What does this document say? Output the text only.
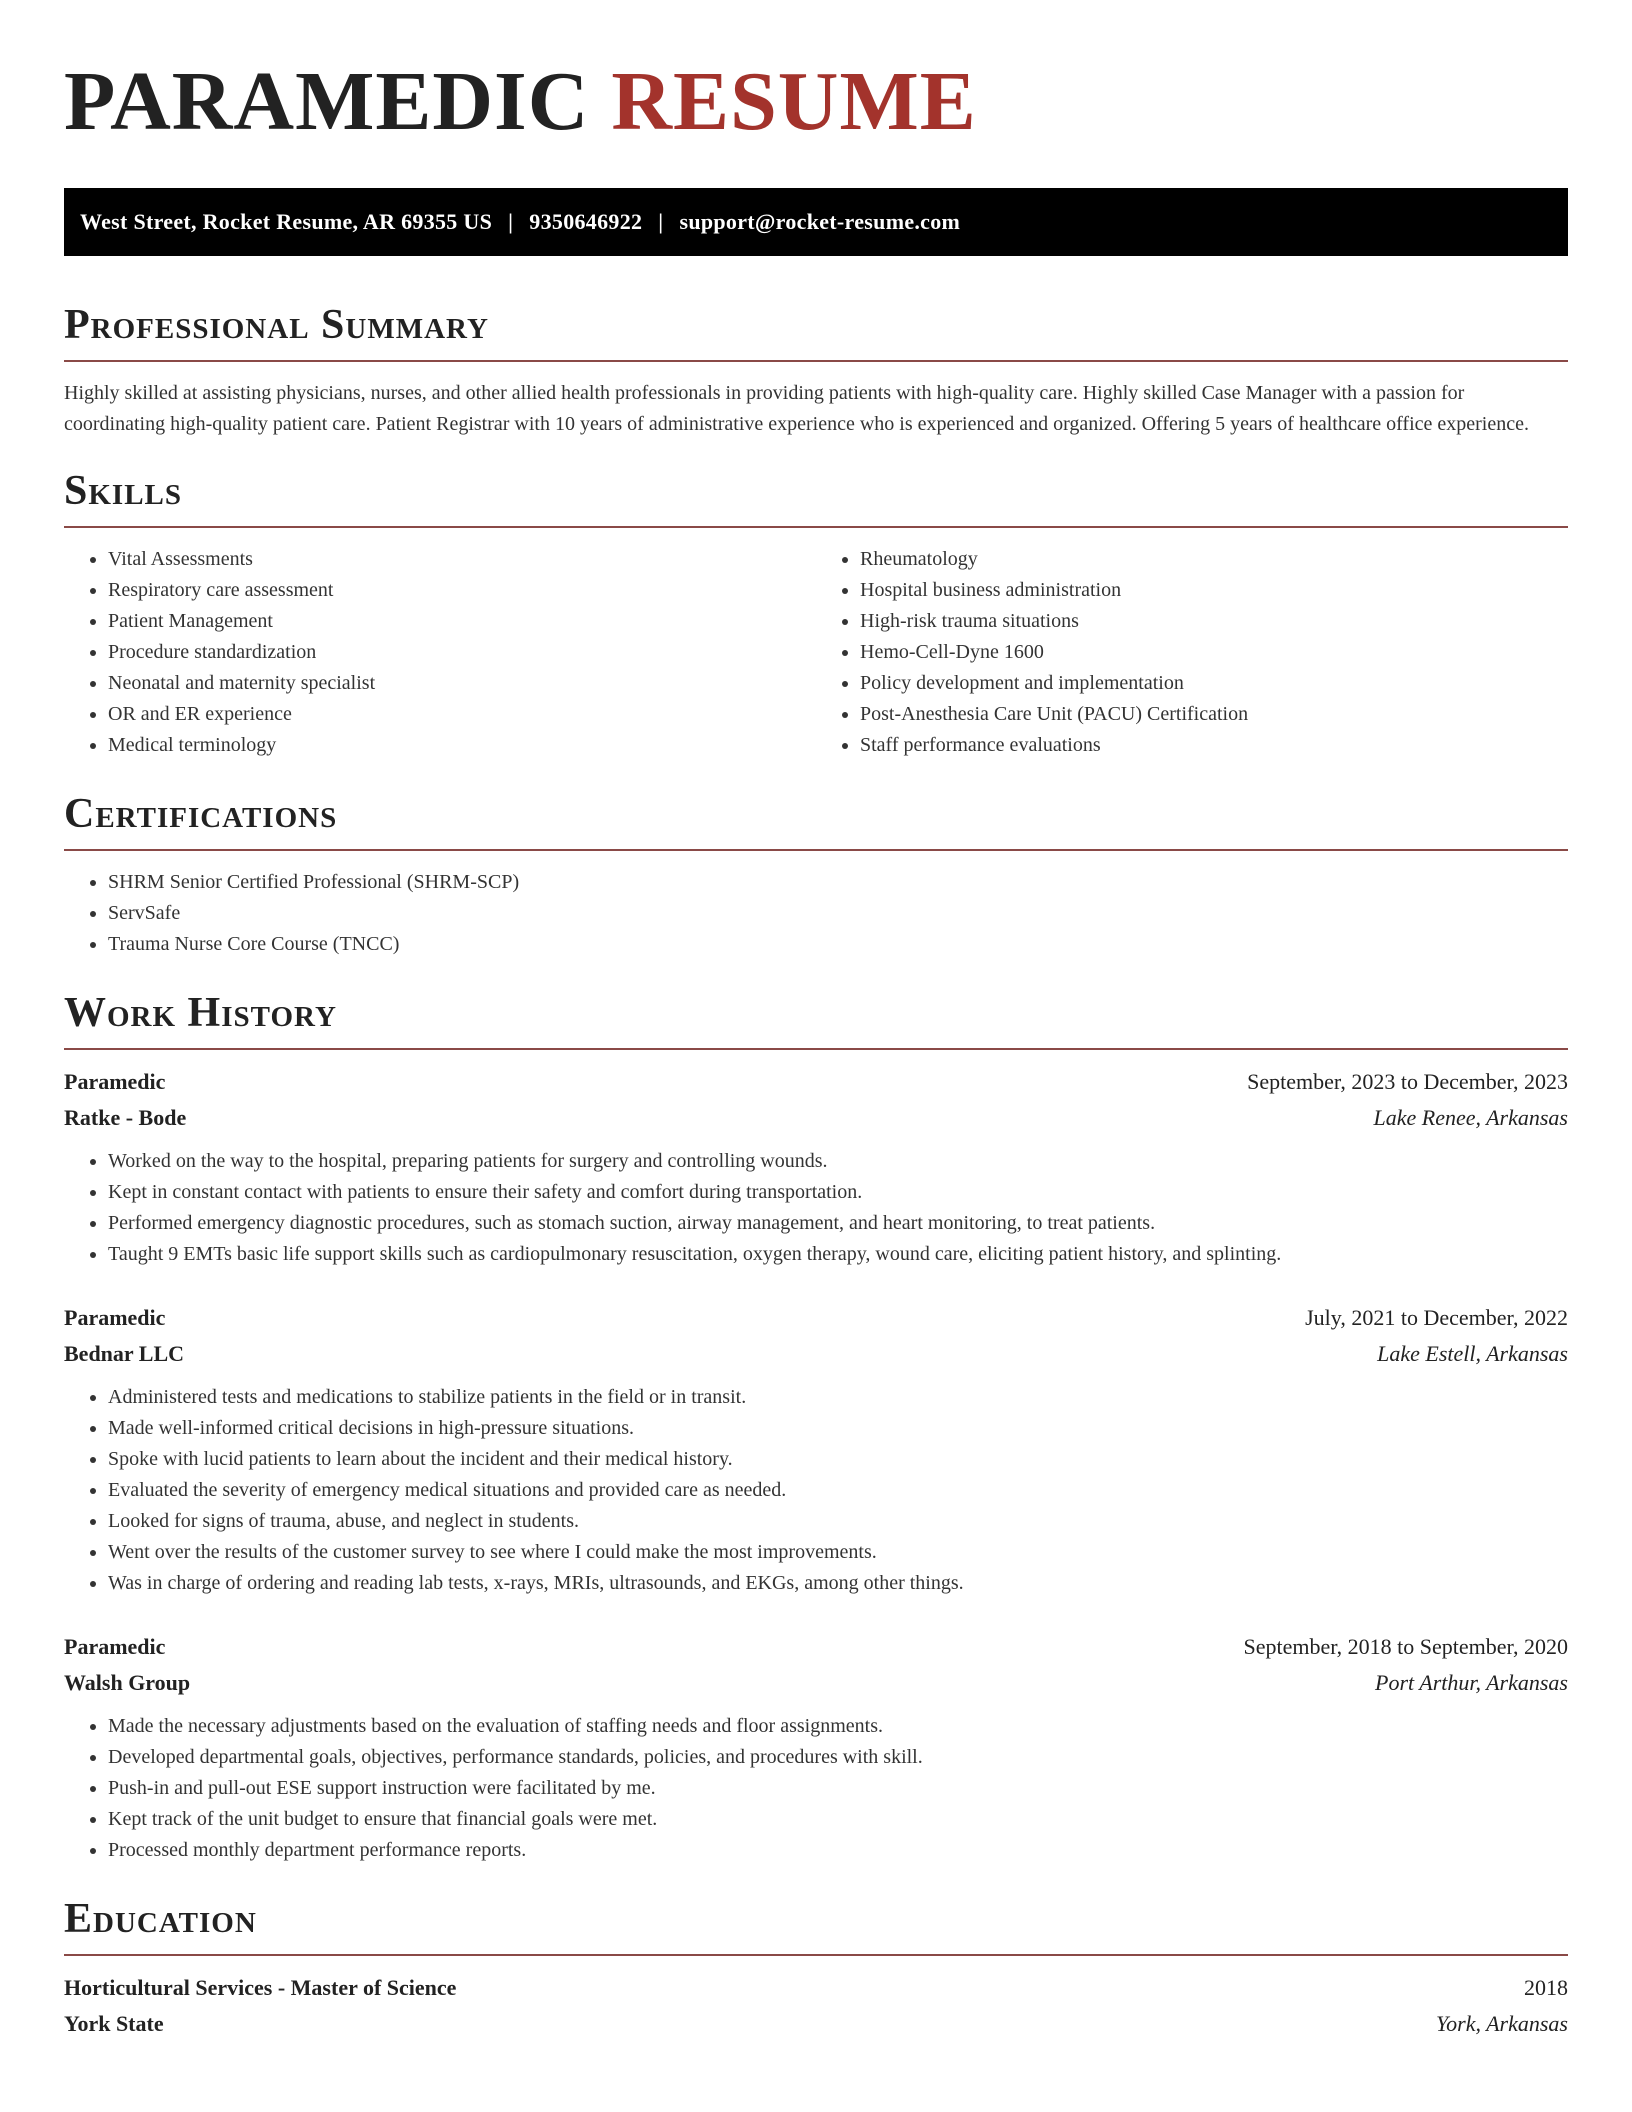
PARAMEDIC RESUME
West Street, Rocket Resume, AR 69355 US | 9350646922 | support@rocket-resume.com
Professional Summary

Highly skilled at assisting physicians, nurses, and other allied health professionals in providing patients with high-quality care. Highly skilled Case Manager with a passion for coordinating high-quality patient care. Patient Registrar with 10 years of administrative experience who is experienced and organized. Offering 5 years of healthcare office experience.

Skills
• Vital Assessments
• Respiratory care assessment
• Patient Management
• Procedure standardization
• Neonatal and maternity specialist
• OR and ER experience
• Medical terminology
• Rheumatology
• Hospital business administration
• High-risk trauma situations
• Hemo-Cell-Dyne 1600
• Policy development and implementation
• Post-Anesthesia Care Unit (PACU) Certification
• Staff performance evaluations
Certifications
• SHRM Senior Certified Professional (SHRM-SCP)
• ServSafe
• Trauma Nurse Core Course (TNCC)
Work History
Paramedic	September, 2023 to December, 2023
Ratke - Bode	Lake Renee, Arkansas
• Worked on the way to the hospital, preparing patients for surgery and controlling wounds.
• Kept in constant contact with patients to ensure their safety and comfort during transportation.
• Performed emergency diagnostic procedures, such as stomach suction, airway management, and heart monitoring, to treat patients.
• Taught 9 EMTs basic life support skills such as cardiopulmonary resuscitation, oxygen therapy, wound care, eliciting patient history, and splinting.
Paramedic	July, 2021 to December, 2022
Bednar LLC	Lake Estell, Arkansas
• Administered tests and medications to stabilize patients in the field or in transit.
• Made well-informed critical decisions in high-pressure situations.
• Spoke with lucid patients to learn about the incident and their medical history.
• Evaluated the severity of emergency medical situations and provided care as needed.
• Looked for signs of trauma, abuse, and neglect in students.
• Went over the results of the customer survey to see where I could make the most improvements.
• Was in charge of ordering and reading lab tests, x-rays, MRIs, ultrasounds, and EKGs, among other things.
Paramedic	September, 2018 to September, 2020
Walsh Group	Port Arthur, Arkansas
• Made the necessary adjustments based on the evaluation of staffing needs and floor assignments.
• Developed departmental goals, objectives, performance standards, policies, and procedures with skill.
• Push-in and pull-out ESE support instruction were facilitated by me.
• Kept track of the unit budget to ensure that financial goals were met.
• Processed monthly department performance reports.
Education
Horticultural Services - Master of Science	2018
York State	York, Arkansas
